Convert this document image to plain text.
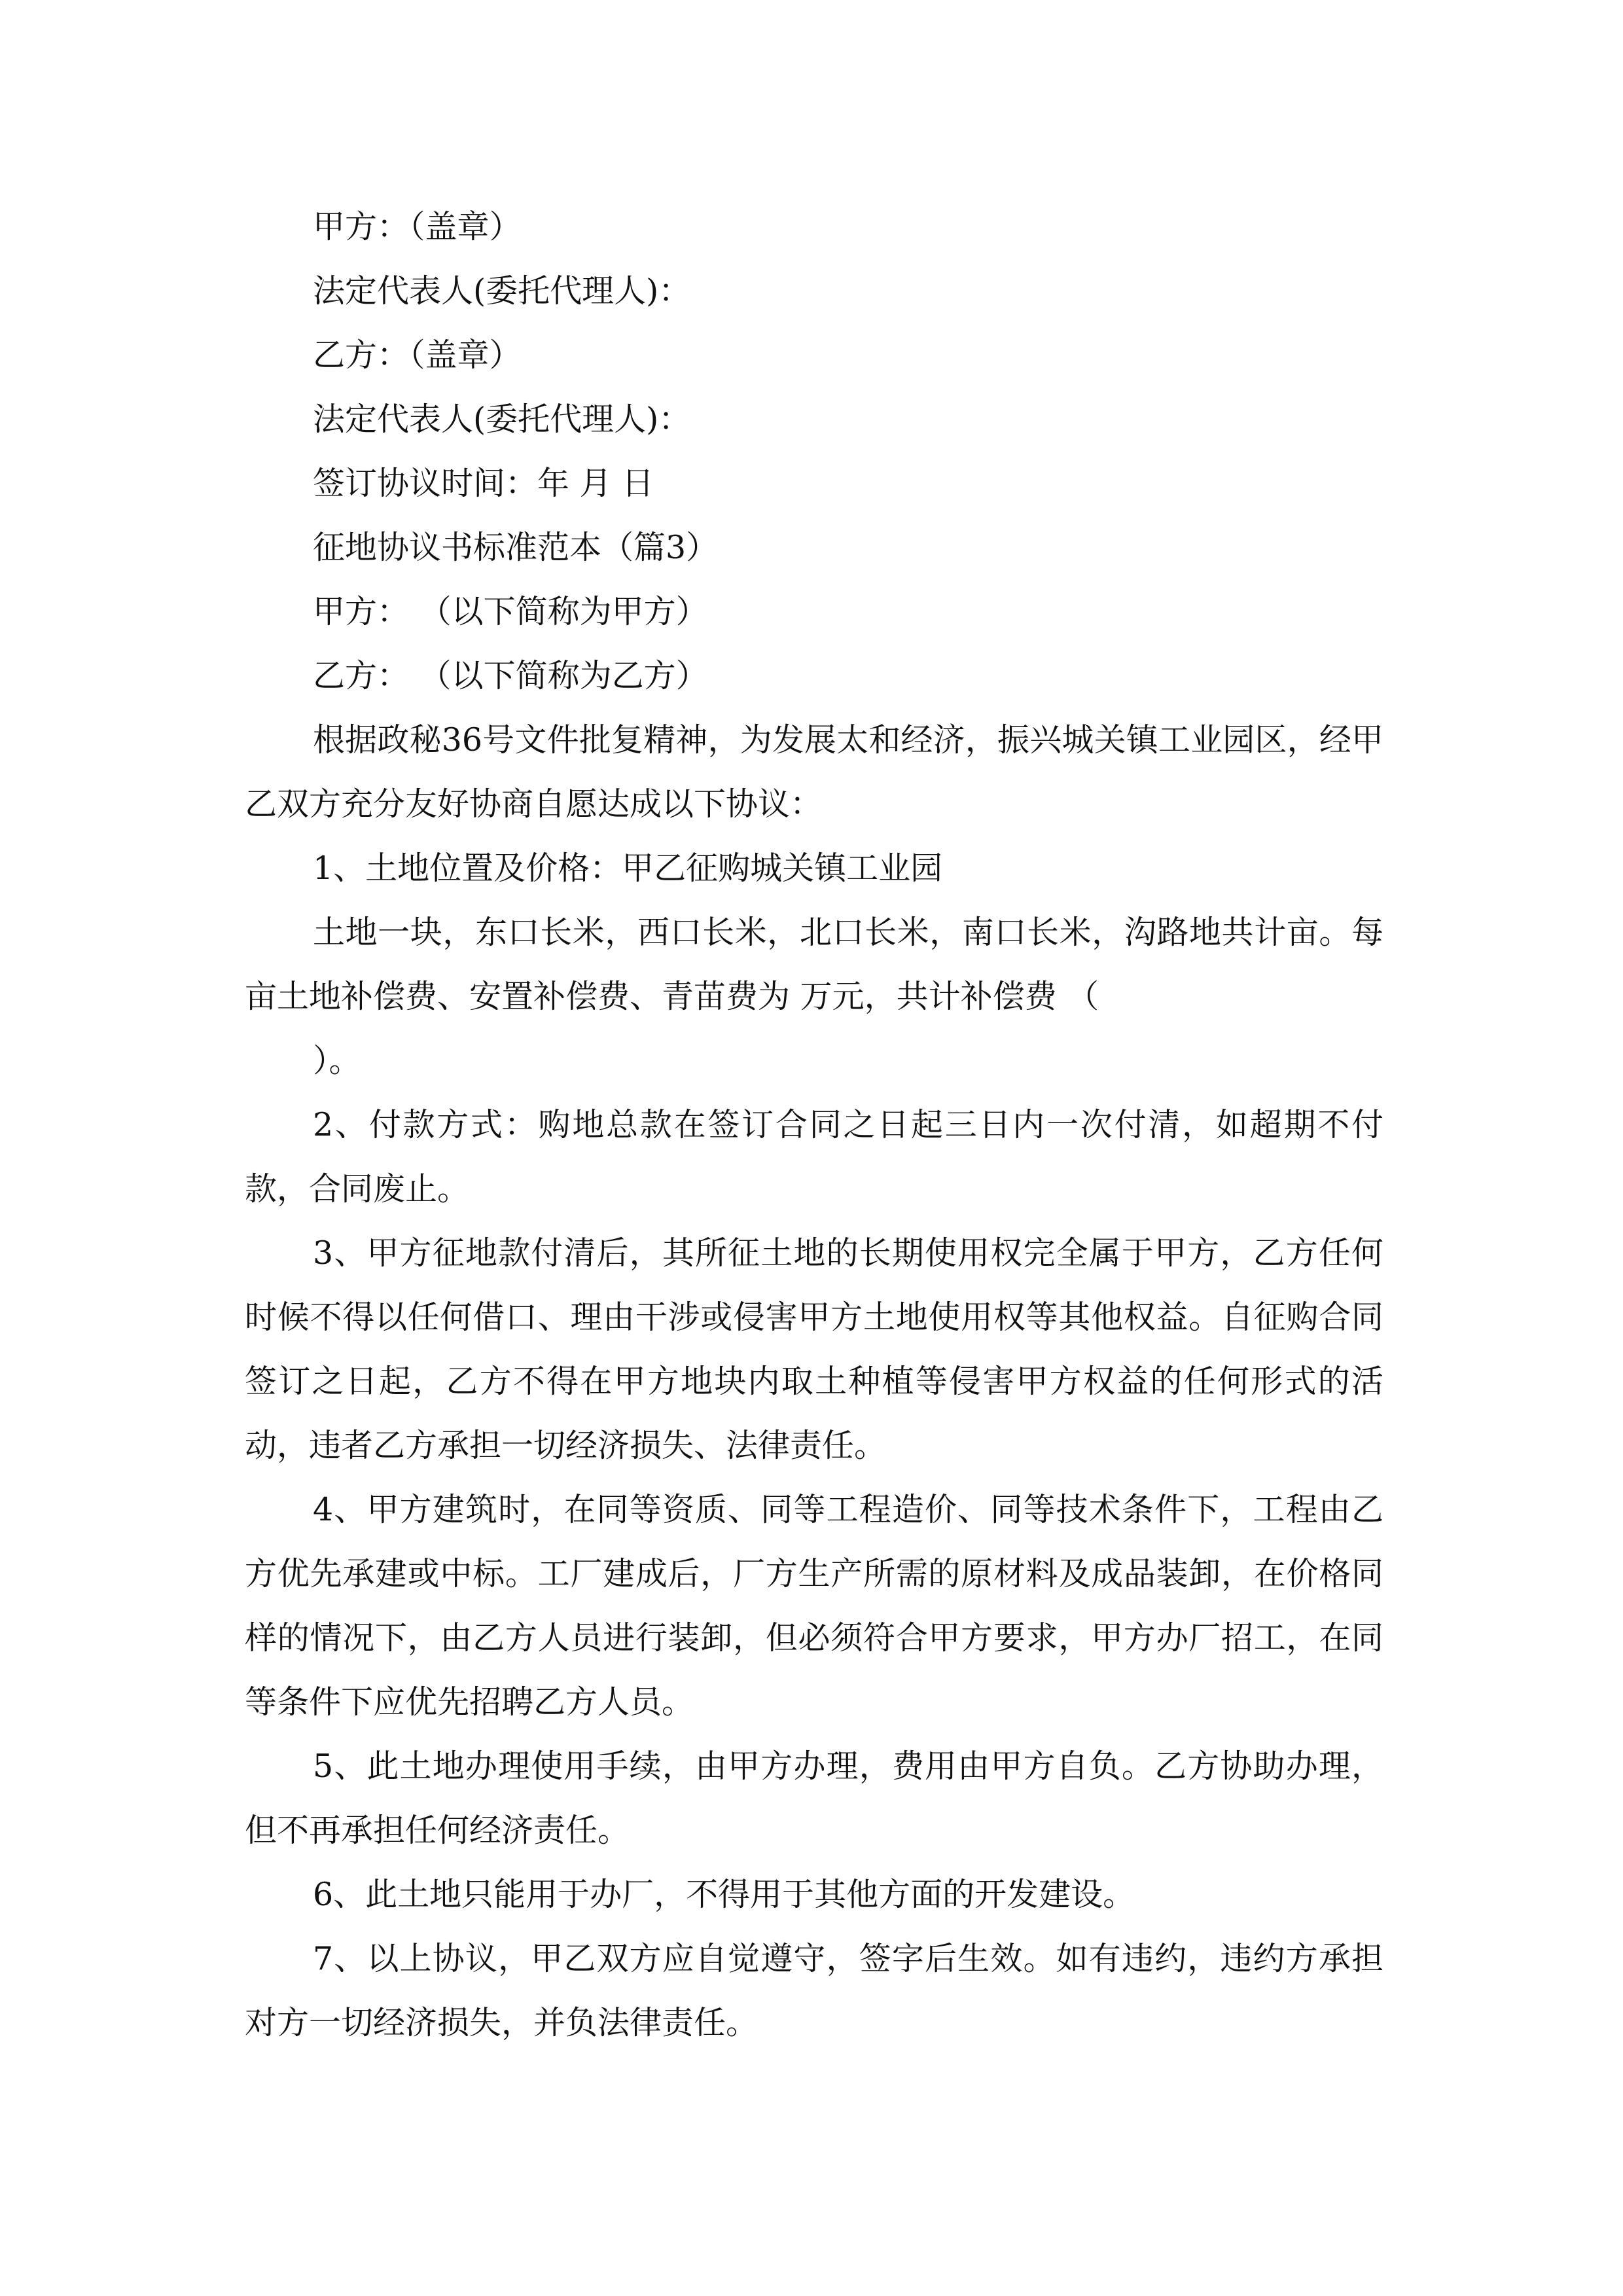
甲方：（盖章）

法定代表人(委托代理人)：

乙方：（盖章）

法定代表人(委托代理人)：

签订协议时间：年 月 日

征地协议书标准范本（篇3）

甲方： （以下简称为甲方）

乙方： （以下简称为乙方）

根据政秘36号文件批复精神，为发展太和经济，振兴城关镇工业园区，经甲乙双方充分友好协商自愿达成以下协议：

1、土地位置及价格：甲乙征购城关镇工业园

土地一块，东口长米，西口长米，北口长米，南口长米，沟路地共计亩。每亩土地补偿费、安置补偿费、青苗费为 万元，共计补偿费 （

）。

2、付款方式：购地总款在签订合同之日起三日内一次付清，如超期不付款，合同废止。

3、甲方征地款付清后，其所征土地的长期使用权完全属于甲方，乙方任何时候不得以任何借口、理由干涉或侵害甲方土地使用权等其他权益。自征购合同签订之日起，乙方不得在甲方地块内取土种植等侵害甲方权益的任何形式的活动，违者乙方承担一切经济损失、法律责任。

4、甲方建筑时，在同等资质、同等工程造价、同等技术条件下，工程由乙方优先承建或中标。工厂建成后，厂方生产所需的原材料及成品装卸，在价格同样的情况下，由乙方人员进行装卸，但必须符合甲方要求，甲方办厂招工，在同等条件下应优先招聘乙方人员。

5、此土地办理使用手续，由甲方办理，费用由甲方自负。乙方协助办理，但不再承担任何经济责任。

6、此土地只能用于办厂，不得用于其他方面的开发建设。

7、以上协议，甲乙双方应自觉遵守，签字后生效。如有违约，违约方承担对方一切经济损失，并负法律责任。
